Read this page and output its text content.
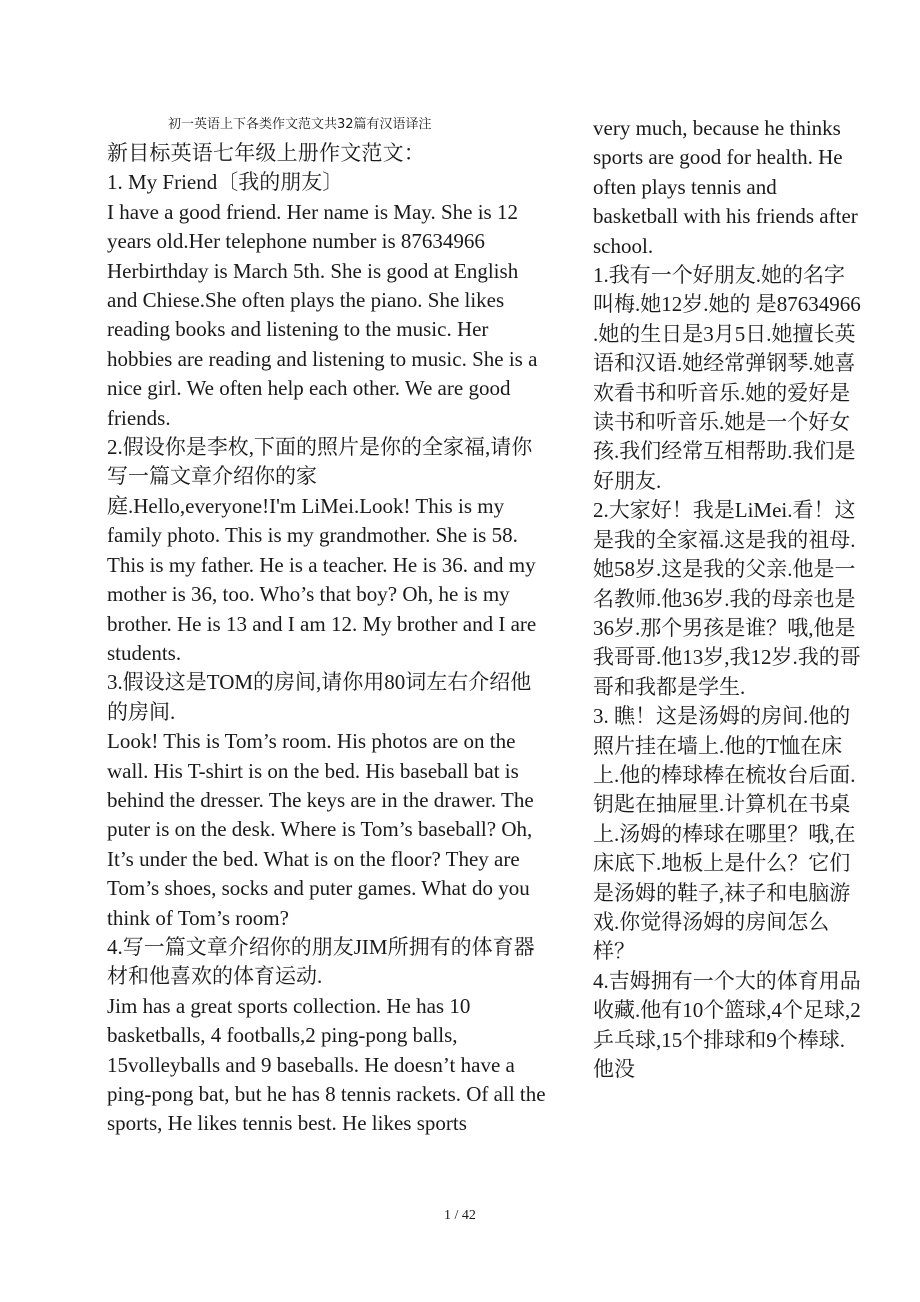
初一英语上下各类作文范文共32篇有汉语译注

新目标英语七年级上册作文范文：

1. My Friend〔我的朋友〕

I have a good friend. Her name is May. She is 12 years old.Her telephone number is 87634966 Herbirthday is March 5th. She is good at English and Chiese.She often plays the piano. She likes reading books and listening to the music. Her hobbies are reading and listening to music. She is a nice girl. We often help each other. We are good friends.

2.假设你是李枚,下面的照片是你的全家福,请你写一篇文章介绍你的家

庭.Hello,everyone!I'm LiMei.Look! This is my family photo. This is my grandmother. She is 58. This is my father. He is a teacher. He is 36. and my mother is 36, too. Who’s that boy? Oh, he is my brother. He is 13 and I am 12. My brother and I are students.

3.假设这是TOM的房间,请你用80词左右介绍他的房间.

Look! This is Tom’s room. His photos are on the wall. His T-shirt is on the bed. His baseball bat is behind the dresser. The keys are in the drawer. The puter is on the desk. Where is Tom’s baseball? Oh, It’s under the bed. What is on the floor? They are Tom’s shoes, socks and puter games. What do you think of Tom’s room?

4.写一篇文章介绍你的朋友JIM所拥有的体育器材和他喜欢的体育运动.

Jim has a great sports collection. He has 10 basketballs, 4 footballs,2 ping-pong balls, 15volleyballs and 9 baseballs. He doesn’t have a ping-pong bat, but he has 8 tennis rackets. Of all the sports, He likes tennis best. He likes sports

very much, because he thinks sports are good for health. He often plays tennis and basketball with his friends after school.

1.我有一个好朋友.她的名字叫梅.她12岁.她的 是87634966 .她的生日是3月5日.她擅长英语和汉语.她经常弹钢琴.她喜欢看书和听音乐.她的爱好是读书和听音乐.她是一个好女孩.我们经常互相帮助.我们是好朋友.

2.大家好！我是LiMei.看！这是我的全家福.这是我的祖母.她58岁.这是我的父亲.他是一名教师.他36岁.我的母亲也是36岁.那个男孩是谁？哦,他是我哥哥.他13岁,我12岁.我的哥哥和我都是学生.

3. 瞧！这是汤姆的房间.他的照片挂在墙上.他的T恤在床上.他的棒球棒在梳妆台后面.钥匙在抽屉里.计算机在书桌上.汤姆的棒球在哪里？哦,在床底下.地板上是什么？它们是汤姆的鞋子,袜子和电脑游戏.你觉得汤姆的房间怎么样？

4.吉姆拥有一个大的体育用品收藏.他有10个篮球,4个足球,2乒乓球,15个排球和9个棒球.他没

1 / 42
